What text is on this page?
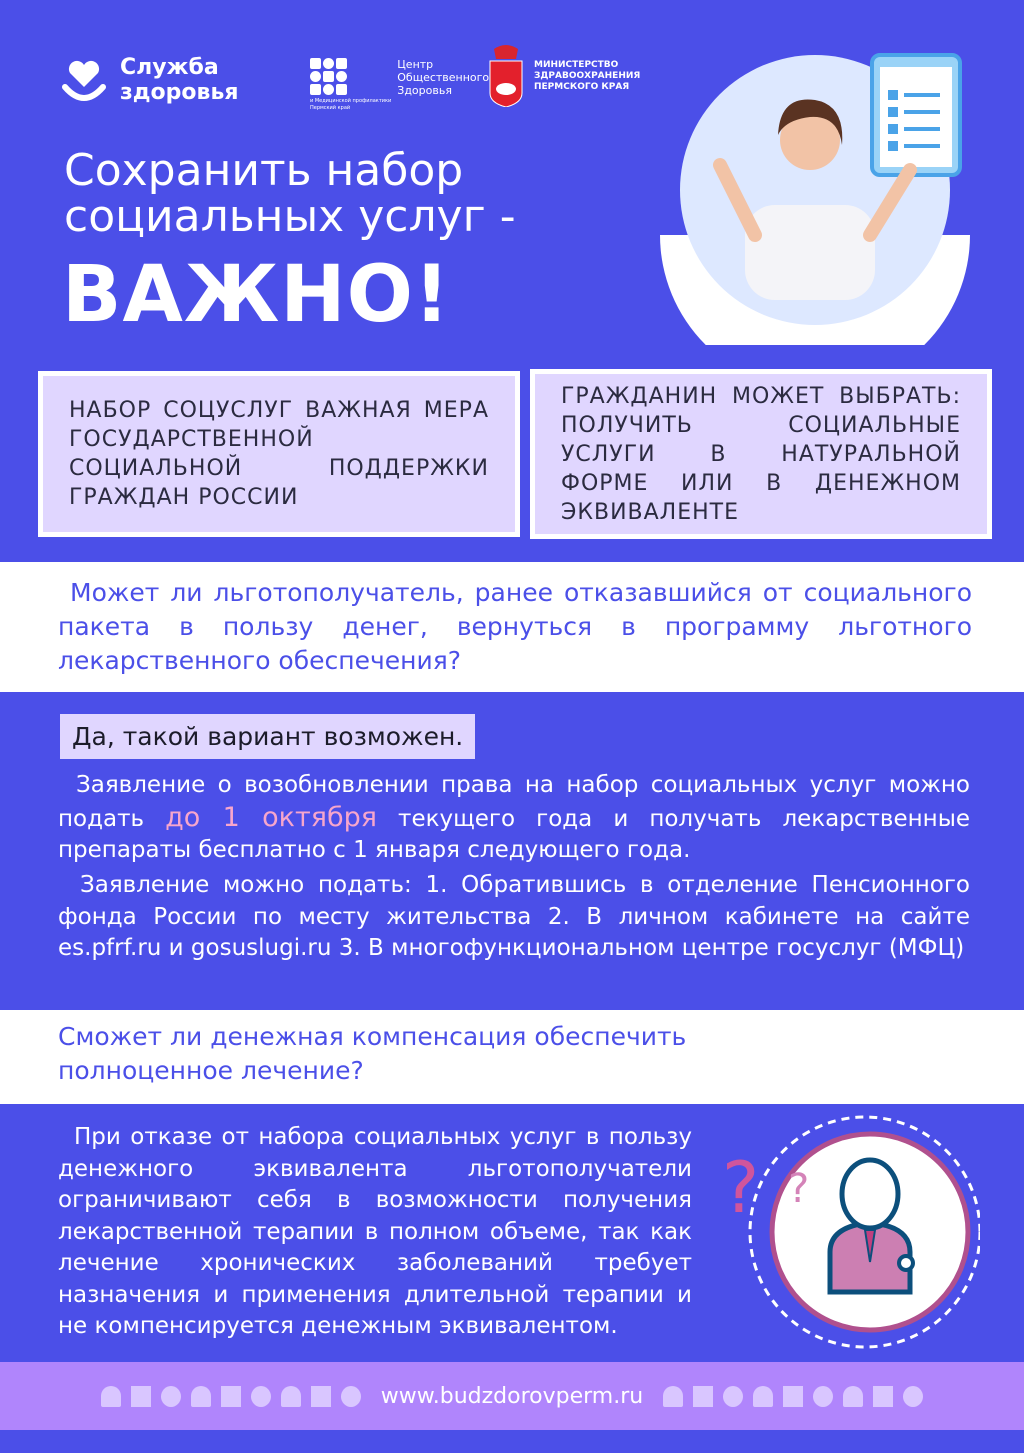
Служба
здоровья	и Медицинской профилактики
Пермский край
Центр
Общественного
Здоровья
МИНИСТЕРСТВО
ЗДРАВООХРАНЕНИЯ
ПЕРМСКОГО КРАЯ
Сохранить набор
социальных услуг -
ВАЖНО!
НАБОР СОЦУСЛУГ ВАЖНАЯ МЕРА ГОСУДАРСТВЕННОЙ СОЦИАЛЬНОЙ ПОДДЕРЖКИ ГРАЖДАН РОССИИ
ГРАЖДАНИН МОЖЕТ ВЫБРАТЬ: ПОЛУЧИТЬ СОЦИАЛЬНЫЕ УСЛУГИ В НАТУРАЛЬНОЙ ФОРМЕ ИЛИ В ДЕНЕЖНОМ ЭКВИВАЛЕНТЕ
Может ли льготополучатель, ранее отказавшийся от социального пакета в пользу денег, вернуться в программу льготного лекарственного обеспечения?
Да, такой вариант возможен.
Заявление о возобновлении права на набор социальных услуг можно подать до 1 октября текущего года и получать лекарственные препараты бесплатно с 1 января следующего года.
Заявление можно подать: 1. Обратившись в отделение Пенсионного фонда России по месту жительства 2. В личном кабинете на сайте es.pfrf.ru и gosuslugi.ru 3. В многофункциональном центре госуслуг (МФЦ)
Сможет ли денежная компенсация обеспечить полноценное лечение?
При отказе от набора социальных услуг в пользу денежного эквивалента льготополучатели ограничивают себя в возможности получения лекарственной терапии в полном объеме, так как лечение хронических заболеваний требует назначения и применения длительной терапии и не компенсируется денежным эквивалентом.
? ?
www.budzdorovperm.ru
